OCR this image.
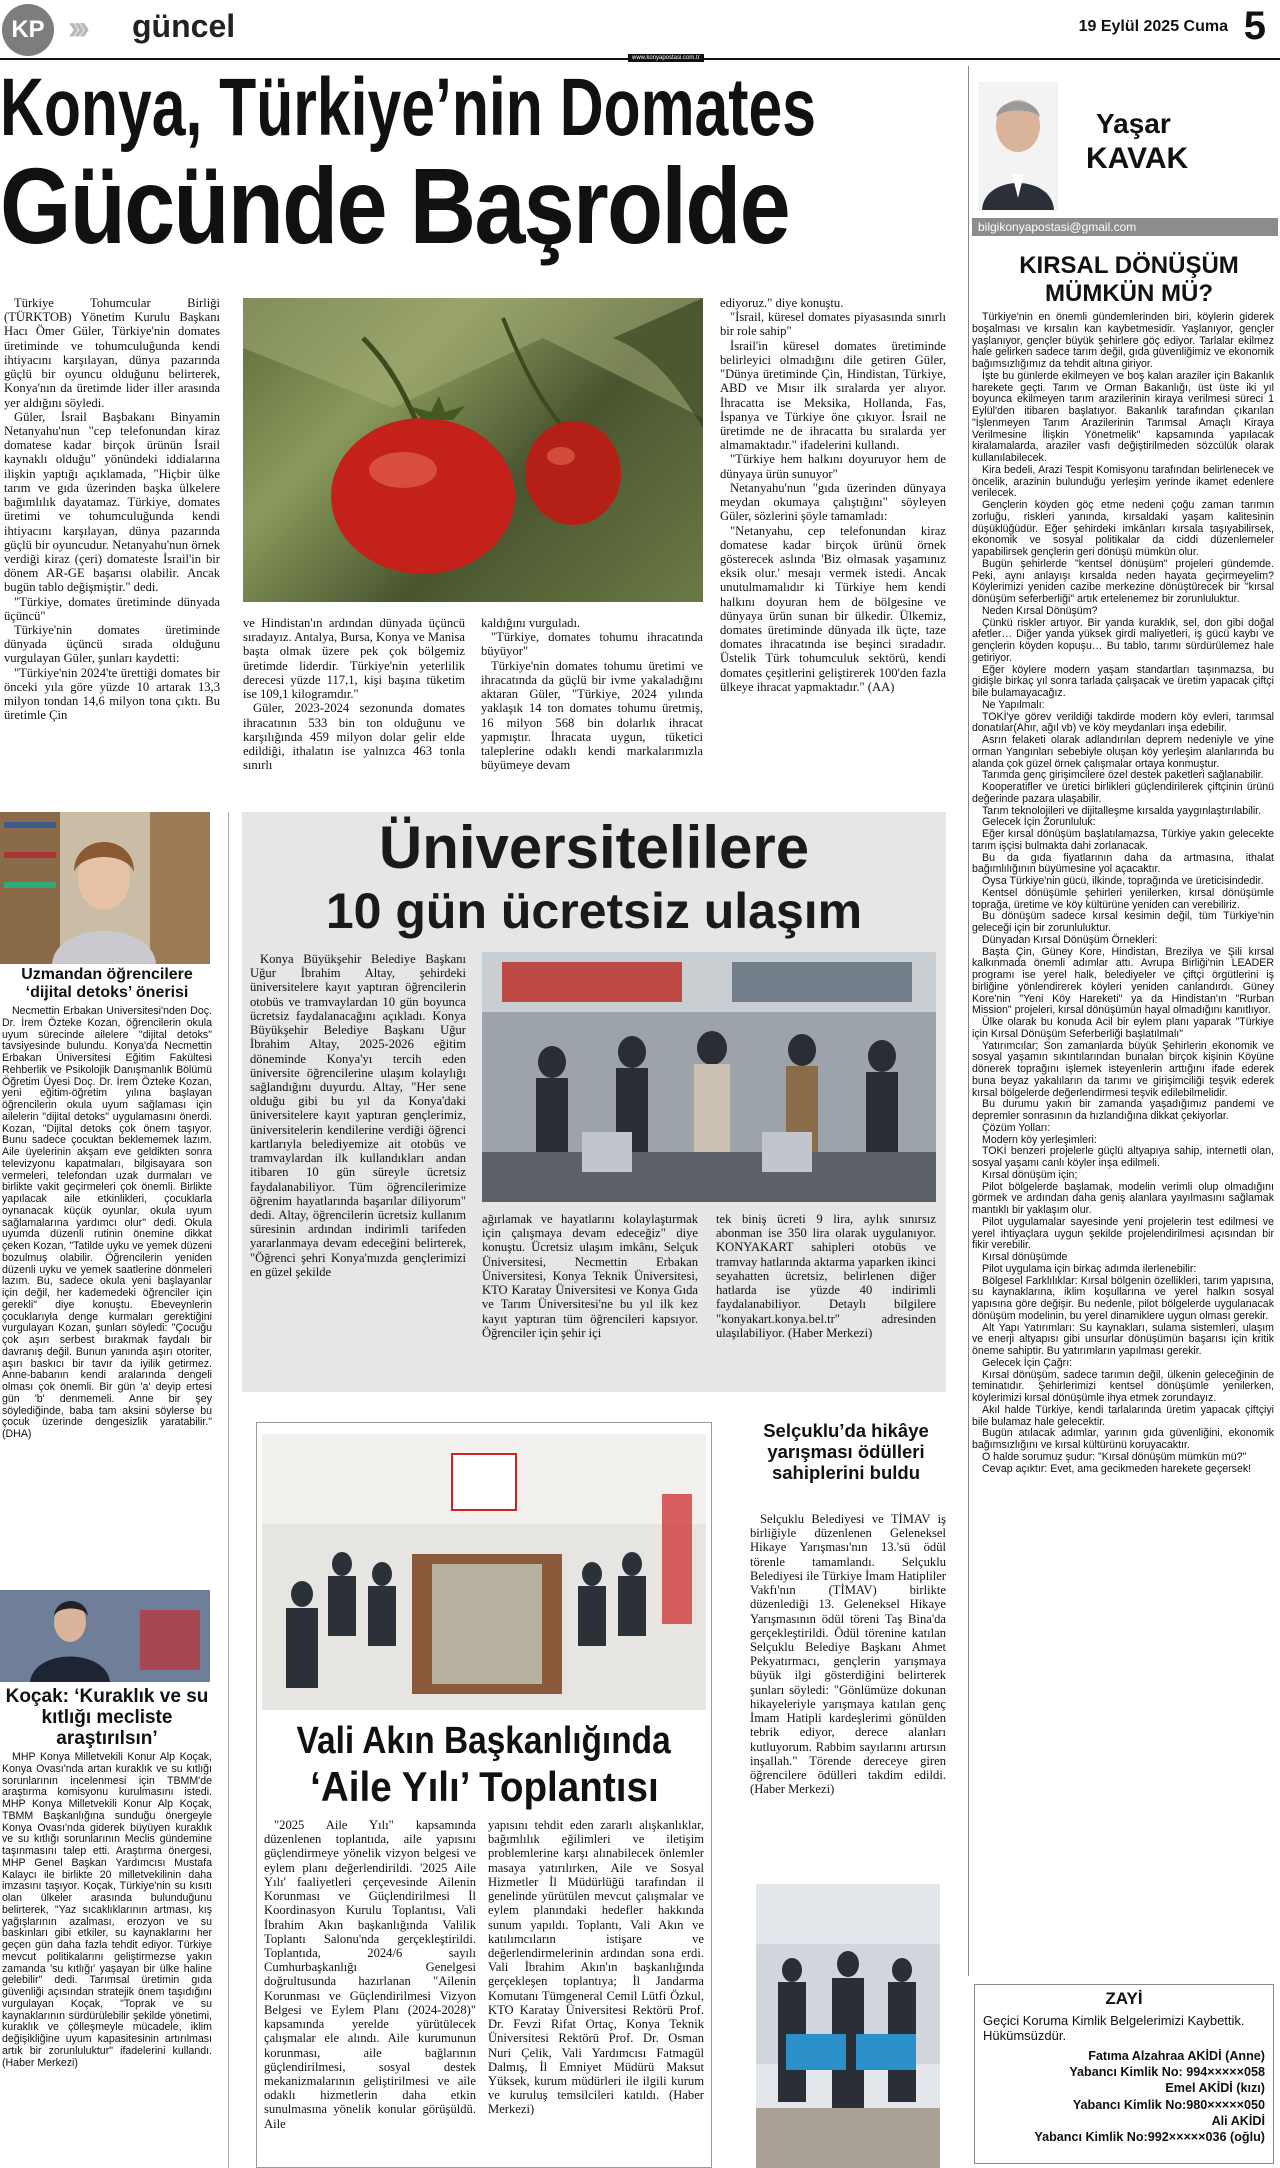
KP ››› güncel	19 Eylül 2025 Cuma 5
www.konyapostasi.com.tr
Konya, Türkiye’nin Domates
Gücünde Başrolde

Türkiye Tohumcular Birliği (TÜRKTOB) Yönetim Kurulu Başkanı Hacı Ömer Güler, Türkiye'nin domates üretiminde ve tohumculuğunda kendi ihtiyacını karşılayan, dünya pazarında güçlü bir oyuncu olduğunu belirterek, Konya'nın da üretimde lider iller arasında yer aldığını söyledi.

Güler, İsrail Başbakanı Binyamin Netanyahu'nun "cep telefonundan kiraz domatese kadar birçok ürünün İsrail kaynaklı olduğu" yönündeki iddialarına ilişkin yaptığı açıklamada, "Hiçbir ülke tarım ve gıda üzerinden başka ülkelere bağımlılık dayatamaz. Türkiye, domates üretimi ve tohumculuğunda kendi ihtiyacını karşılayan, dünya pazarında güçlü bir oyuncudur. Netanyahu'nun örnek verdiği kiraz (çeri) domateste İsrail'in bir dönem AR-GE başarısı olabilir. Ancak bugün tablo değişmiştir." dedi.

"Türkiye, domates üretiminde dünyada üçüncü"

Türkiye'nin domates üretiminde dünyada üçüncü sırada olduğunu vurgulayan Güler, şunları kaydetti:

"Türkiye'nin 2024'te ürettiği domates bir önceki yıla göre yüzde 10 artarak 13,3 milyon tondan 14,6 milyon tona çıktı. Bu üretimle Çin

ve Hindistan'ın ardından dünyada üçüncü sıradayız. Antalya, Bursa, Konya ve Manisa başta olmak üzere pek çok bölgemiz üretimde liderdir. Türkiye'nin yeterlilik derecesi yüzde 117,1, kişi başına tüketim ise 109,1 kilogramdır."

Güler, 2023-2024 sezonunda domates ihracatının 533 bin ton olduğunu ve karşılığında 459 milyon dolar gelir elde edildiği, ithalatın ise yalnızca 463 tonla sınırlı

kaldığını vurguladı.

"Türkiye, domates tohumu ihracatında büyüyor"

Türkiye'nin domates tohumu üretimi ve ihracatında da güçlü bir ivme yakaladığını aktaran Güler, "Türkiye, 2024 yılında yaklaşık 14 ton domates tohumu üretmiş, 16 milyon 568 bin dolarlık ihracat yapmıştır. İhracata uygun, tüketici taleplerine odaklı kendi markalarımızla büyümeye devam

ediyoruz." diye konuştu.

"İsrail, küresel domates piyasasında sınırlı bir role sahip"

İsrail'in küresel domates üretiminde belirleyici olmadığını dile getiren Güler, "Dünya üretiminde Çin, Hindistan, Türkiye, ABD ve Mısır ilk sıralarda yer alıyor. İhracatta ise Meksika, Hollanda, Fas, İspanya ve Türkiye öne çıkıyor. İsrail ne üretimde ne de ihracatta bu sıralarda yer almamaktadır." ifadelerini kullandı.

"Türkiye hem halkını doyuruyor hem de dünyaya ürün sunuyor"

Netanyahu'nun "gıda üzerinden dünyaya meydan okumaya çalıştığını" söyleyen Güler, sözlerini şöyle tamamladı:

"Netanyahu, cep telefonundan kiraz domatese kadar birçok ürünü örnek gösterecek aslında 'Biz olmasak yaşamınız eksik olur.' mesajı vermek istedi. Ancak unutulmamalıdır ki Türkiye hem kendi halkını doyuran hem de bölgesine ve dünyaya ürün sunan bir ülkedir. Ülkemiz, domates üretiminde dünyada ilk üçte, taze domates ihracatında ise beşinci sıradadır. Üstelik Türk tohumculuk sektörü, kendi domates çeşitlerini geliştirerek 100'den fazla ülkeye ihracat yapmaktadır." (AA)

Yaşar
KAVAK
bilgikonyapostasi@gmail.com
KIRSAL DÖNÜŞÜM MÜMKÜN MÜ?

Türkiye'nin en önemli gündemlerinden biri, köylerin giderek boşalması ve kırsalın kan kaybetmesidir. Yaşlanıyor, gençler yaşlanıyor, gençler büyük şehirlere göç ediyor. Tarlalar ekilmez hale gelirken sadece tarım değil, gıda güvenliğimiz ve ekonomik bağımsızlığımız da tehdit altına giriyor.

İşte bu günlerde ekilmeyen ve boş kalan araziler için Bakanlık harekete geçti. Tarım ve Orman Bakanlığı, üst üste iki yıl boyunca ekilmeyen tarım arazilerinin kiraya verilmesi süreci 1 Eylül'den itibaren başlatıyor. Bakanlık tarafından çıkarılan "İşlenmeyen Tarım Arazilerinin Tarımsal Amaçlı Kiraya Verilmesine İlişkin Yönetmelik" kapsamında yapılacak kiralamalarda, araziler vasfı değiştirilmeden sözcülük olarak kullanılabilecek.

Kira bedeli, Arazi Tespit Komisyonu tarafından belirlenecek ve öncelik, arazinin bulunduğu yerleşim yerinde ikamet edenlere verilecek.

Gençlerin köyden göç etme nedeni çoğu zaman tarımın zorluğu, riskleri yanında, kırsaldaki yaşam kalitesinin düşüklüğüdür. Eğer şehirdeki imkânları kırsala taşıyabilirsek, ekonomik ve sosyal politikalar da ciddi düzenlemeler yapabilirsek gençlerin geri dönüşü mümkün olur.

Bugün şehirlerde "kentsel dönüşüm" projeleri gündemde. Peki, aynı anlayışı kırsalda neden hayata geçirmeyelim? Köylerimizi yeniden cazibe merkezine dönüştürecek bir "kırsal dönüşüm seferberliği" artık ertelenemez bir zorunluluktur.

Neden Kırsal Dönüşüm?

Çünkü riskler artıyor. Bir yanda kuraklık, sel, don gibi doğal afetler… Diğer yanda yüksek girdi maliyetleri, iş gücü kaybı ve gençlerin köyden kopuşu… Bu tablo, tarımı sürdürülemez hale getiriyor.

Eğer köylere modern yaşam standartları taşınmazsa, bu gidişle birkaç yıl sonra tarlada çalışacak ve üretim yapacak çiftçi bile bulamayacağız.

Ne Yapılmalı:

TOKİ'ye görev verildiği takdirde modern köy evleri, tarımsal donatılar(Ahır, ağıl vb) ve köy meydanları inşa edebilir.

Asrın felaketi olarak adlandırılan deprem nedeniyle ve yine orman Yangınları sebebiyle oluşan köy yerleşim alanlarında bu alanda çok güzel örnek çalışmalar ortaya konmuştur.

Tarımda genç girişimcilere özel destek paketleri sağlanabilir.

Kooperatifler ve üretici birlikleri güçlendirilerek çiftçinin ürünü değerinde pazara ulaşabilir.

Tarım teknolojileri ve dijitalleşme kırsalda yaygınlaştırılabilir.

Gelecek İçin Zorunluluk:

Eğer kırsal dönüşüm başlatılamazsa, Türkiye yakın gelecekte tarım işçisi bulmakta dahi zorlanacak.

Bu da gıda fiyatlarının daha da artmasına, ithalat bağımlılığının büyümesine yol açacaktır.

Oysa Türkiye'nin gücü, ilkinde, toprağında ve üreticisindedir.

Kentsel dönüşümle şehirleri yenilerken, kırsal dönüşümle toprağa, üretime ve köy kültürüne yeniden can verebiliriz.

Bu dönüşüm sadece kırsal kesimin değil, tüm Türkiye'nin geleceği için bir zorunluluktur.

Dünyadan Kırsal Dönüşüm Örnekleri:

Başta Çin, Güney Kore, Hindistan, Brezilya ve Şili kırsal kalkınmada önemli adımlar attı. Avrupa Birliği'nin LEADER programı ise yerel halk, belediyeler ve çiftçi örgütlerini iş birliğine yönlendirerek köyleri yeniden canlandırdı. Güney Kore'nin "Yeni Köy Hareketi" ya da Hindistan'ın "Rurban Mission" projeleri, kırsal dönüşümün hayal olmadığını kanıtlıyor.

Ülke olarak bu konuda Acil bir eylem planı yaparak "Türkiye için Kırsal Dönüşüm Seferberliği başlatılmalı"

Yatırımcılar; Son zamanlarda büyük Şehirlerin ekonomik ve sosyal yaşamın sıkıntılarından bunalan birçok kişinin Köyüne dönerek toprağını işlemek isteyenlerin arttığını ifade ederek buna beyaz yakalıların da tarımı ve girişimciliği teşvik ederek kırsal bölgelerde değerlendirmesi teşvik edilebilmelidir.

Bu durumu yakın bir zamanda yaşadığımız pandemi ve depremler sonrasının da hızlandığına dikkat çekiyorlar.

Çözüm Yolları:

Modern köy yerleşimleri:

TOKİ benzeri projelerle güçlü altyapıya sahip, internetli olan, sosyal yaşamı canlı köyler inşa edilmeli.

Kırsal dönüşüm için;

Pilot bölgelerde başlamak, modelin verimli olup olmadığını görmek ve ardından daha geniş alanlara yayılmasını sağlamak mantıklı bir yaklaşım olur.

Pilot uygulamalar sayesinde yeni projelerin test edilmesi ve yerel ihtiyaçlara uygun şekilde projelendirilmesi açısından bir fikir verebilir.

Kırsal dönüşümde

Pilot uygulama için birkaç adımda ilerlenebilir:

Bölgesel Farklılıklar: Kırsal bölgenin özellikleri, tarım yapısına, su kaynaklarına, iklim koşullarına ve yerel halkın sosyal yapısına göre değişir. Bu nedenle, pilot bölgelerde uygulanacak dönüşüm modelinin, bu yerel dinamiklere uygun olması gerekir.

Alt Yapı Yatırımları: Su kaynakları, sulama sistemleri, ulaşım ve enerji altyapısı gibi unsurlar dönüşümün başarısı için kritik öneme sahiptir. Bu yatırımların yapılması gerekir.

Gelecek İçin Çağrı:

Kırsal dönüşüm, sadece tarımın değil, ülkenin geleceğinin de teminatıdır. Şehirlerimizi kentsel dönüşümle yenilerken, köylerimizi kırsal dönüşümle ihya etmek zorundayız.

Akıl halde Türkiye, kendi tarlalarında üretim yapacak çiftçiyi bile bulamaz hale gelecektir.

Bugün atılacak adımlar, yarının gıda güvenliğini, ekonomik bağımsızlığını ve kırsal kültürünü koruyacaktır.

O halde sorumuz şudur: "Kırsal dönüşüm mümkün mü?"

Cevap açıktır: Evet, ama gecikmeden harekete geçersek!

ZAYİ
Geçici Koruma Kimlik Belgelerimizi Kaybettik. Hükümsüzdür.
Fatıma Alzahraa AKİDİ (Anne)
Yabancı Kimlik No: 994×××××058
Emel AKİDİ (kızı)
Yabancı Kimlik No:980×××××050
Ali AKİDİ
Yabancı Kimlik No:992×××××036 (oğlu)
Uzmandan öğrencilere ‘dijital detoks’ önerisi

Necmettin Erbakan Üniversitesi'nden Doç. Dr. İrem Özteke Kozan, öğrencilerin okula uyum sürecinde ailelere "dijital detoks" tavsiyesinde bulundu. Konya'da Necmettin Erbakan Üniversitesi Eğitim Fakültesi Rehberlik ve Psikolojik Danışmanlık Bölümü Öğretim Üyesi Doç. Dr. İrem Özteke Kozan, yeni eğitim-öğretim yılına başlayan öğrencilerin okula uyum sağlaması için ailelerin "dijital detoks" uygulamasını önerdi. Kozan, "Dijital detoks çok önem taşıyor. Bunu sadece çocuktan beklememek lazım. Aile üyelerinin akşam eve geldikten sonra televizyonu kapatmaları, bilgisayara son vermeleri, telefondan uzak durmaları ve birlikte vakit geçirmeleri çok önemli. Birlikte yapılacak aile etkinlikleri, çocuklarla oynanacak küçük oyunlar, okula uyum sağlamalarına yardımcı olur" dedi. Okula uyumda düzenli rutinin önemine dikkat çeken Kozan, "Tatilde uyku ve yemek düzeni bozulmuş olabilir. Öğrencilerin yeniden düzenli uyku ve yemek saatlerine dönmeleri lazım. Bu, sadece okula yeni başlayanlar için değil, her kademedeki öğrenciler için gerekli" diye konuştu. Ebeveynlerin çocuklarıyla denge kurmaları gerektiğini vurgulayan Kozan, şunları söyledi: "Çocuğu çok aşırı serbest bırakmak faydalı bir davranış değil. Bunun yanında aşırı otoriter, aşırı baskıcı bir tavır da iyilik getirmez. Anne-babanın kendi aralarında dengeli olması çok önemli. Bir gün 'a' deyip ertesi gün 'b' denmemeli. Anne bir şey söylediğinde, baba tam aksini söylerse bu çocuk üzerinde dengesizlik yaratabilir." (DHA)

Koçak: ‘Kuraklık ve su kıtlığı mecliste araştırılsın’

MHP Konya Milletvekili Konur Alp Koçak, Konya Ovası'nda artan kuraklık ve su kıtlığı sorunlarının incelenmesi için TBMM'de araştırma komisyonu kurulmasını istedi. MHP Konya Milletvekili Konur Alp Koçak, TBMM Başkanlığına sunduğu önergeyle Konya Ovası'nda giderek büyüyen kuraklık ve su kıtlığı sorunlarının Meclis gündemine taşınmasını talep etti. Araştırma önergesi, MHP Genel Başkan Yardımcısı Mustafa Kalaycı ile birlikte 20 milletvekilinin daha imzasını taşıyor. Koçak, Türkiye'nin su kısıtı olan ülkeler arasında bulunduğunu belirterek, "Yaz sıcaklıklarının artması, kış yağışlarının azalması, erozyon ve su baskınları gibi etkiler, su kaynaklarını her geçen gün daha fazla tehdit ediyor. Türkiye mevcut politikalarını geliştirmezse yakın zamanda 'su kıtlığı' yaşayan bir ülke haline gelebilir" dedi. Tarımsal üretimin gıda güvenliği açısından stratejik önem taşıdığını vurgulayan Koçak, "Toprak ve su kaynaklarının sürdürülebilir şekilde yönetimi, kuraklık ve çölleşmeyle mücadele, iklim değişikliğine uyum kapasitesinin artırılması artık bir zorunluluktur" ifadelerini kullandı. (Haber Merkezi)

Üniversitelilere
10 gün ücretsiz ulaşım

Konya Büyükşehir Belediye Başkanı Uğur İbrahim Altay, şehirdeki üniversitelere kayıt yaptıran öğrencilerin otobüs ve tramvaylardan 10 gün boyunca ücretsiz faydalanacağını açıkladı. Konya Büyükşehir Belediye Başkanı Uğur İbrahim Altay, 2025-2026 eğitim döneminde Konya'yı tercih eden üniversite öğrencilerine ulaşım kolaylığı sağlandığını duyurdu. Altay, "Her sene olduğu gibi bu yıl da Konya'daki üniversitelere kayıt yaptıran gençlerimiz, üniversitelerin kendilerine verdiği öğrenci kartlarıyla belediyemize ait otobüs ve tramvaylardan ilk kullandıkları andan itibaren 10 gün süreyle ücretsiz faydalanabiliyor. Tüm öğrencilerimize öğrenim hayatlarında başarılar diliyorum" dedi. Altay, öğrencilerin ücretsiz kullanım süresinin ardından indirimli tarifeden yararlanmaya devam edeceğini belirterek, "Öğrenci şehri Konya'mızda gençlerimizi en güzel şekilde

ağırlamak ve hayatlarını kolaylaştırmak için çalışmaya devam edeceğiz" diye konuştu. Ücretsiz ulaşım imkânı, Selçuk Üniversitesi, Necmettin Erbakan Üniversitesi, Konya Teknik Üniversitesi, KTO Karatay Üniversitesi ve Konya Gıda ve Tarım Üniversitesi'ne bu yıl ilk kez kayıt yaptıran tüm öğrencileri kapsıyor. Öğrenciler için şehir içi

tek biniş ücreti 9 lira, aylık sınırsız abonman ise 350 lira olarak uygulanıyor. KONYAKART sahipleri otobüs ve tramvay hatlarında aktarma yaparken ikinci seyahatten ücretsiz, belirlenen diğer hatlarda ise yüzde 40 indirimli faydalanabiliyor. Detaylı bilgilere "konyakart.konya.bel.tr" adresinden ulaşılabiliyor. (Haber Merkezi)

Vali Akın Başkanlığında
‘Aile Yılı’ Toplantısı

"2025 Aile Yılı" kapsamında düzenlenen toplantıda, aile yapısını güçlendirmeye yönelik vizyon belgesi ve eylem planı değerlendirildi. '2025 Aile Yılı' faaliyetleri çerçevesinde Ailenin Korunması ve Güçlendirilmesi İl Koordinasyon Kurulu Toplantısı, Vali İbrahim Akın başkanlığında Valilik Toplantı Salonu'nda gerçekleştirildi. Toplantıda, 2024/6 sayılı Cumhurbaşkanlığı Genelgesi doğrultusunda hazırlanan "Ailenin Korunması ve Güçlendirilmesi Vizyon Belgesi ve Eylem Planı (2024-2028)" kapsamında yerelde yürütülecek çalışmalar ele alındı. Aile kurumunun korunması, aile bağlarının güçlendirilmesi, sosyal destek mekanizmalarının geliştirilmesi ve aile odaklı hizmetlerin daha etkin sunulmasına yönelik konular görüşüldü. Aile

yapısını tehdit eden zararlı alışkanlıklar, bağımlılık eğilimleri ve iletişim problemlerine karşı alınabilecek önlemler masaya yatırılırken, Aile ve Sosyal Hizmetler İl Müdürlüğü tarafından il genelinde yürütülen mevcut çalışmalar ve eylem planındaki hedefler hakkında sunum yapıldı. Toplantı, Vali Akın ve katılımcıların istişare ve değerlendirmelerinin ardından sona erdi. Vali İbrahim Akın'ın başkanlığında gerçekleşen toplantıya; İl Jandarma Komutanı Tümgeneral Cemil Lütfi Özkul, KTO Karatay Üniversitesi Rektörü Prof. Dr. Fevzi Rifat Ortaç, Konya Teknik Üniversitesi Rektörü Prof. Dr. Osman Nuri Çelik, Vali Yardımcısı Fatmagül Dalmış, İl Emniyet Müdürü Maksut Yüksek, kurum müdürleri ile ilgili kurum ve kuruluş temsilcileri katıldı. (Haber Merkezi)

Selçuklu’da hikâye yarışması ödülleri sahiplerini buldu

Selçuklu Belediyesi ve TİMAV iş birliğiyle düzenlenen Geleneksel Hikaye Yarışması'nın 13.'sü ödül törenle tamamlandı. Selçuklu Belediyesi ile Türkiye İmam Hatipliler Vakfı'nın (TİMAV) birlikte düzenlediği 13. Geleneksel Hikaye Yarışmasının ödül töreni Taş Bina'da gerçekleştirildi. Ödül törenine katılan Selçuklu Belediye Başkanı Ahmet Pekyatırmacı, gençlerin yarışmaya büyük ilgi gösterdiğini belirterek şunları söyledi: "Gönlümüze dokunan hikayeleriyle yarışmaya katılan genç İmam Hatipli kardeşlerimi gönülden tebrik ediyor, derece alanları kutluyorum. Rabbim sayılarını artırsın inşallah." Törende dereceye giren öğrencilere ödülleri takdim edildi. (Haber Merkezi)
